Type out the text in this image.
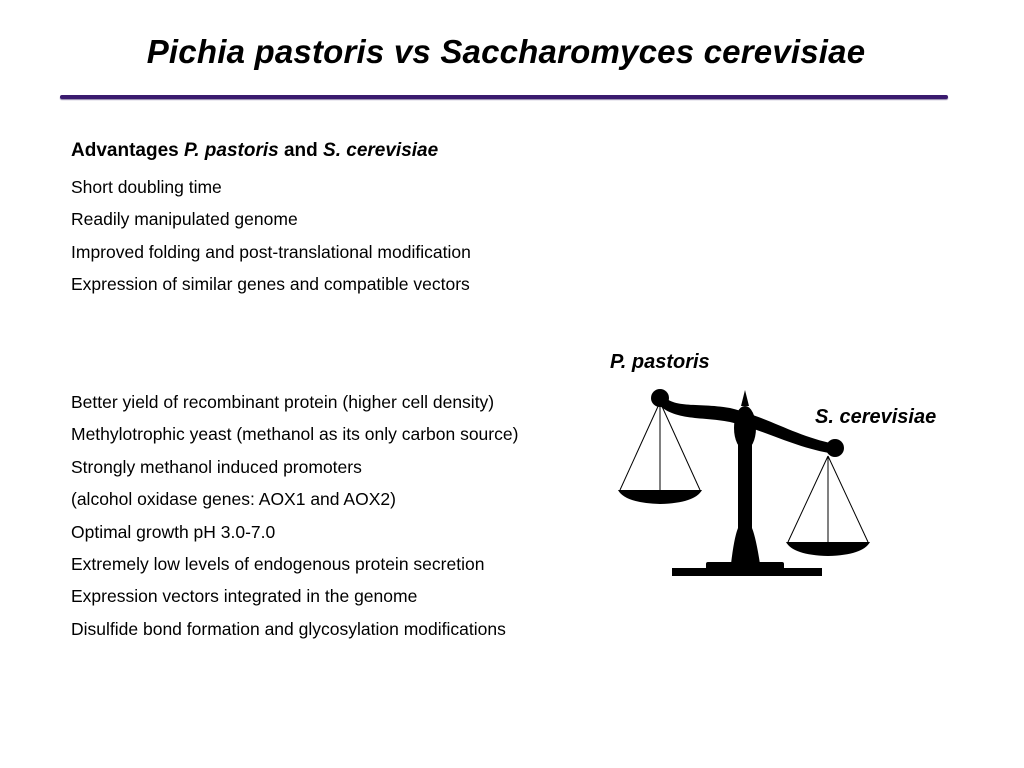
Pichia pastoris vs Saccharomyces cerevisiae
Advantages P. pastoris and S. cerevisiae
Short doubling time
Readily manipulated genome
Improved folding and post-translational modification
Expression of similar genes and compatible vectors
Better yield of recombinant protein (higher cell density)
Methylotrophic yeast (methanol as its only carbon source)
Strongly methanol induced promoters
(alcohol oxidase genes: AOX1 and AOX2)
Optimal growth pH 3.0-7.0
Extremely low levels of endogenous protein secretion
Expression vectors integrated in the genome
Disulfide bond formation and glycosylation modifications
P. pastoris
S. cerevisiae
